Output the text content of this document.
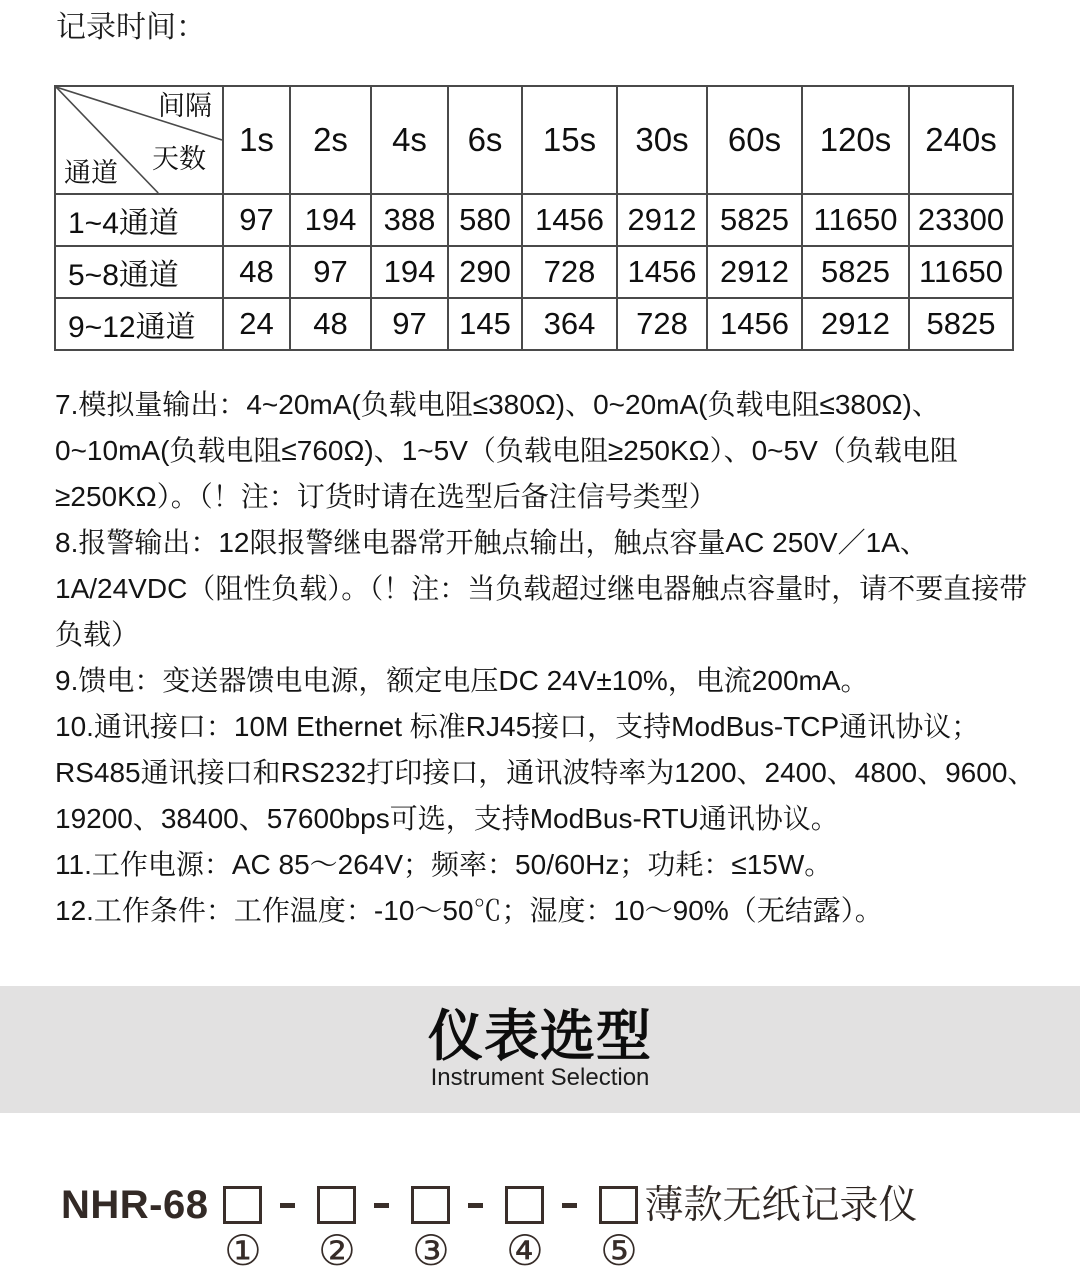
记录时间：
间隔
天数
通道	1s	2s	4s	6s	15s	30s	60s	120s	240s
1~4通道	97	194	388	580	1456	2912	5825	11650	23300
5~8通道	48	97	194	290	728	1456	2912	5825	11650
9~12通道	24	48	97	145	364	728	1456	2912	5825

7.模拟量输出：4~20mA(负载电阻≤380Ω)、0~20mA(负载电阻≤380Ω)、0~10mA(负载电阻≤760Ω)、1~5V（负载电阻≥250KΩ）、0~5V（负载电阻≥250KΩ）。（！注：订货时请在选型后备注信号类型）

8.报警输出：12限报警继电器常开触点输出，触点容量AC 250V／1A、1A/24VDC（阻性负载）。（！注：当负载超过继电器触点容量时，请不要直接带负载）

9.馈电：变送器馈电电源，额定电压DC 24V±10%，电流200mA。

10.通讯接口：10M Ethernet 标准RJ45接口，支持ModBus-TCP通讯协议；RS485通讯接口和RS232打印接口，通讯波特率为1200、2400、4800、9600、19200、38400、57600bps可选，支持ModBus-RTU通讯协议。

11.工作电源：AC 85～264V；频率：50/60Hz；功耗：≤15W。

12.工作条件：工作温度：-10～50℃；湿度：10～90%（无结露）。

仪表选型
Instrument Selection
NHR-68
① ② ③ ④ ⑤
薄款无纸记录仪
